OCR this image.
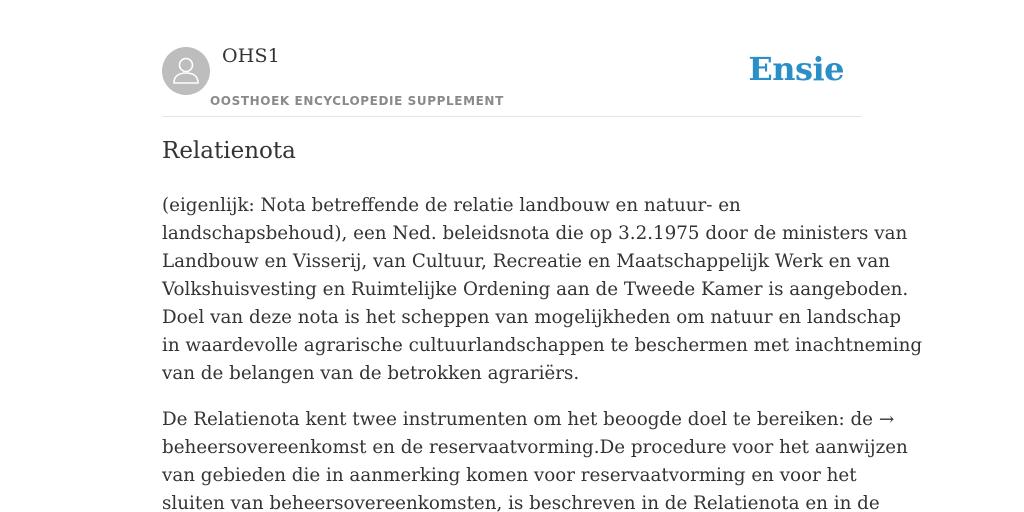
OHS1
OOSTHOEK ENCYCLOPEDIE SUPPLEMENT
Ensie
Relatienota

(eigenlijk: Nota betreffende de relatie landbouw en natuur- en
landschapsbehoud), een Ned. beleidsnota die op 3.2.1975 door de ministers van
Landbouw en Visserij, van Cultuur, Recreatie en Maatschappelijk Werk en van
Volkshuisvesting en Ruimtelijke Ordening aan de Tweede Kamer is aangeboden.
Doel van deze nota is het scheppen van mogelijkheden om natuur en landschap
in waardevolle agrarische cultuurlandschappen te beschermen met inachtneming
van de belangen van de betrokken agrariërs.

De Relatienota kent twee instrumenten om het beoogde doel te bereiken: de →
beheersovereenkomst en de reservaatvorming.De procedure voor het aanwijzen
van gebieden die in aanmerking komen voor reservaatvorming en voor het
sluiten van beheersovereenkomsten, is beschreven in de Relatienota en in de
